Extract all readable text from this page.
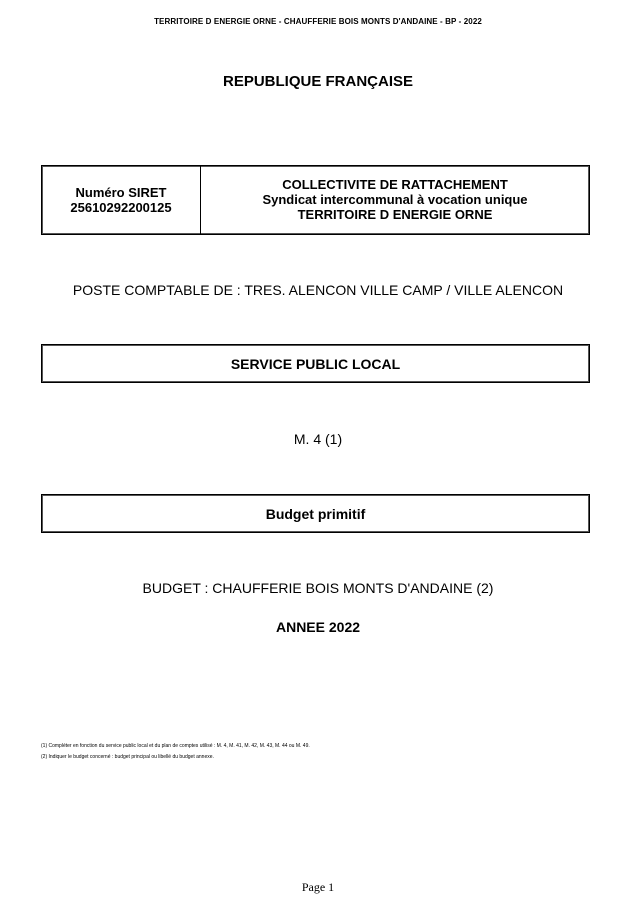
TERRITOIRE D ENERGIE ORNE - CHAUFFERIE BOIS MONTS D'ANDAINE - BP - 2022
REPUBLIQUE FRANÇAISE
Numéro SIRET
25610292200125
COLLECTIVITE DE RATTACHEMENT
Syndicat intercommunal à vocation unique
TERRITOIRE D ENERGIE ORNE
POSTE COMPTABLE DE : TRES. ALENCON VILLE CAMP / VILLE ALENCON
SERVICE PUBLIC LOCAL
M. 4 (1)
Budget primitif
BUDGET : CHAUFFERIE BOIS MONTS D'ANDAINE (2)
ANNEE 2022
(1) Compléter en fonction du service public local et du plan de comptes utilisé : M. 4, M. 41, M. 42, M. 43, M. 44 ou M. 49.
(2) Indiquer le budget concerné : budget principal ou libellé du budget annexe.
Page 1
